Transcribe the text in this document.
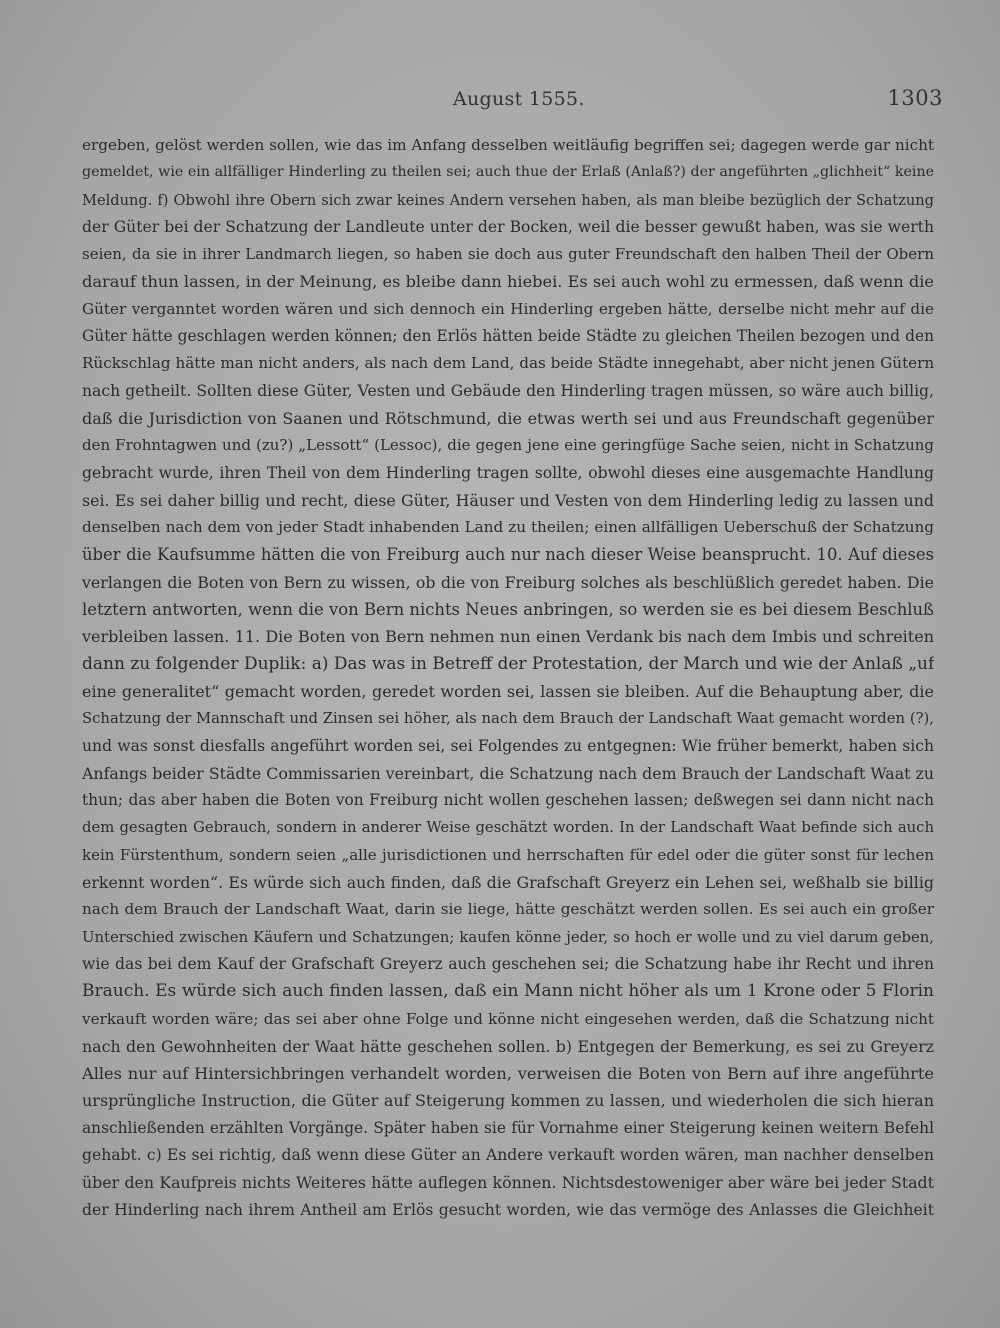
August 1555.	1303
ergeben, gelöst werden sollen, wie das im Anfang desselben weitläufig begriffen sei; dagegen werde gar nicht
gemeldet, wie ein allfälliger Hinderling zu theilen sei; auch thue der Erlaß (Anlaß?) der angeführten „glichheit“ keine
Meldung. f) Obwohl ihre Obern sich zwar keines Andern versehen haben, als man bleibe bezüglich der Schatzung
der Güter bei der Schatzung der Landleute unter der Bocken, weil die besser gewußt haben, was sie werth
seien, da sie in ihrer Landmarch liegen, so haben sie doch aus guter Freundschaft den halben Theil der Obern
darauf thun lassen, in der Meinung, es bleibe dann hiebei. Es sei auch wohl zu ermessen, daß wenn die
Güter verganntet worden wären und sich dennoch ein Hinderling ergeben hätte, derselbe nicht mehr auf die
Güter hätte geschlagen werden können; den Erlös hätten beide Städte zu gleichen Theilen bezogen und den
Rückschlag hätte man nicht anders, als nach dem Land, das beide Städte innegehabt, aber nicht jenen Gütern
nach getheilt. Sollten diese Güter, Vesten und Gebäude den Hinderling tragen müssen, so wäre auch billig,
daß die Jurisdiction von Saanen und Rötschmund, die etwas werth sei und aus Freundschaft gegenüber
den Frohntagwen und (zu?) „Lessott“ (Lessoc), die gegen jene eine geringfüge Sache seien, nicht in Schatzung
gebracht wurde, ihren Theil von dem Hinderling tragen sollte, obwohl dieses eine ausgemachte Handlung
sei. Es sei daher billig und recht, diese Güter, Häuser und Vesten von dem Hinderling ledig zu lassen und
denselben nach dem von jeder Stadt inhabenden Land zu theilen; einen allfälligen Ueberschuß der Schatzung
über die Kaufsumme hätten die von Freiburg auch nur nach dieser Weise beansprucht. 10. Auf dieses
verlangen die Boten von Bern zu wissen, ob die von Freiburg solches als beschlüßlich geredet haben. Die
letztern antworten, wenn die von Bern nichts Neues anbringen, so werden sie es bei diesem Beschluß
verbleiben lassen. 11. Die Boten von Bern nehmen nun einen Verdank bis nach dem Imbis und schreiten
dann zu folgender Duplik: a) Das was in Betreff der Protestation, der March und wie der Anlaß „uf
eine generalitet“ gemacht worden, geredet worden sei, lassen sie bleiben. Auf die Behauptung aber, die
Schatzung der Mannschaft und Zinsen sei höher, als nach dem Brauch der Landschaft Waat gemacht worden (?),
und was sonst diesfalls angeführt worden sei, sei Folgendes zu entgegnen: Wie früher bemerkt, haben sich
Anfangs beider Städte Commissarien vereinbart, die Schatzung nach dem Brauch der Landschaft Waat zu
thun; das aber haben die Boten von Freiburg nicht wollen geschehen lassen; deßwegen sei dann nicht nach
dem gesagten Gebrauch, sondern in anderer Weise geschätzt worden. In der Landschaft Waat befinde sich auch
kein Fürstenthum, sondern seien „alle jurisdictionen und herrschaften für edel oder die güter sonst für lechen
erkennt worden“. Es würde sich auch finden, daß die Grafschaft Greyerz ein Lehen sei, weßhalb sie billig
nach dem Brauch der Landschaft Waat, darin sie liege, hätte geschätzt werden sollen. Es sei auch ein großer
Unterschied zwischen Käufern und Schatzungen; kaufen könne jeder, so hoch er wolle und zu viel darum geben,
wie das bei dem Kauf der Grafschaft Greyerz auch geschehen sei; die Schatzung habe ihr Recht und ihren
Brauch. Es würde sich auch finden lassen, daß ein Mann nicht höher als um 1 Krone oder 5 Florin
verkauft worden wäre; das sei aber ohne Folge und könne nicht eingesehen werden, daß die Schatzung nicht
nach den Gewohnheiten der Waat hätte geschehen sollen. b) Entgegen der Bemerkung, es sei zu Greyerz
Alles nur auf Hintersichbringen verhandelt worden, verweisen die Boten von Bern auf ihre angeführte
ursprüngliche Instruction, die Güter auf Steigerung kommen zu lassen, und wiederholen die sich hieran
anschließenden erzählten Vorgänge. Später haben sie für Vornahme einer Steigerung keinen weitern Befehl
gehabt. c) Es sei richtig, daß wenn diese Güter an Andere verkauft worden wären, man nachher denselben
über den Kaufpreis nichts Weiteres hätte auflegen können. Nichtsdestoweniger aber wäre bei jeder Stadt
der Hinderling nach ihrem Antheil am Erlös gesucht worden, wie das vermöge des Anlasses die Gleichheit
